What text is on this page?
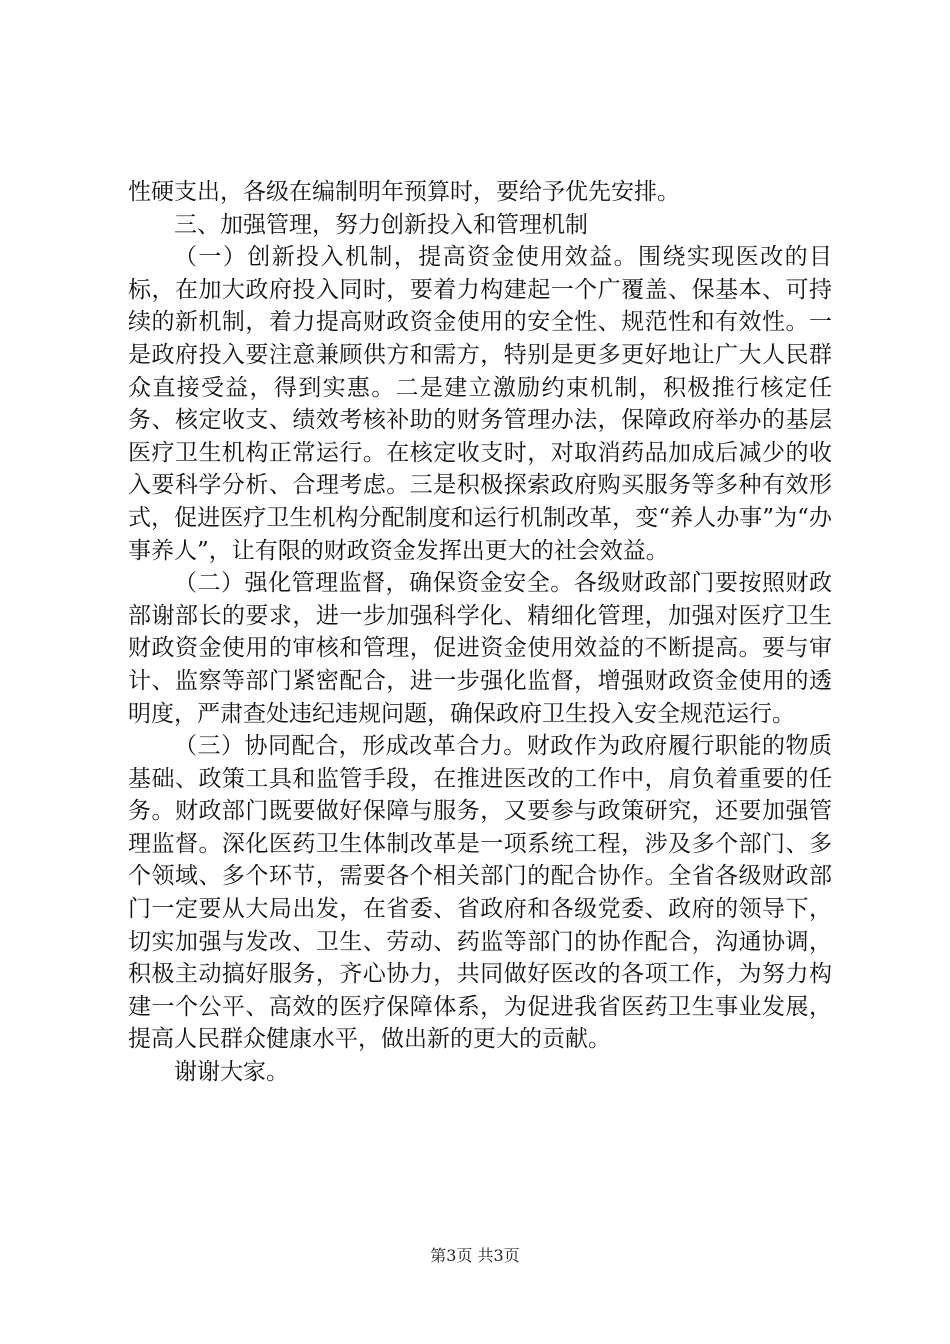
性硬支出，各级在编制明年预算时，要给予优先安排。

三、加强管理，努力创新投入和管理机制

（一）创新投入机制，提高资金使用效益。围绕实现医改的目标，在加大政府投入同时，要着力构建起一个广覆盖、保基本、可持续的新机制，着力提高财政资金使用的安全性、规范性和有效性。一是政府投入要注意兼顾供方和需方，特别是更多更好地让广大人民群众直接受益，得到实惠。二是建立激励约束机制，积极推行核定任务、核定收支、绩效考核补助的财务管理办法，保障政府举办的基层医疗卫生机构正常运行。在核定收支时，对取消药品加成后减少的收入要科学分析、合理考虑。三是积极探索政府购买服务等多种有效形式，促进医疗卫生机构分配制度和运行机制改革，变“养人办事”为“办事养人”，让有限的财政资金发挥出更大的社会效益。

（二）强化管理监督，确保资金安全。各级财政部门要按照财政部谢部长的要求，进一步加强科学化、精细化管理，加强对医疗卫生财政资金使用的审核和管理，促进资金使用效益的不断提高。要与审计、监察等部门紧密配合，进一步强化监督，增强财政资金使用的透明度，严肃查处违纪违规问题，确保政府卫生投入安全规范运行。

（三）协同配合，形成改革合力。财政作为政府履行职能的物质基础、政策工具和监管手段，在推进医改的工作中，肩负着重要的任务。财政部门既要做好保障与服务，又要参与政策研究，还要加强管理监督。深化医药卫生体制改革是一项系统工程，涉及多个部门、多个领域、多个环节，需要各个相关部门的配合协作。全省各级财政部门一定要从大局出发，在省委、省政府和各级党委、政府的领导下，切实加强与发改、卫生、劳动、药监等部门的协作配合，沟通协调，积极主动搞好服务，齐心协力，共同做好医改的各项工作，为努力构建一个公平、高效的医疗保障体系，为促进我省医药卫生事业发展，提高人民群众健康水平，做出新的更大的贡献。

谢谢大家。

第3页 共3页
